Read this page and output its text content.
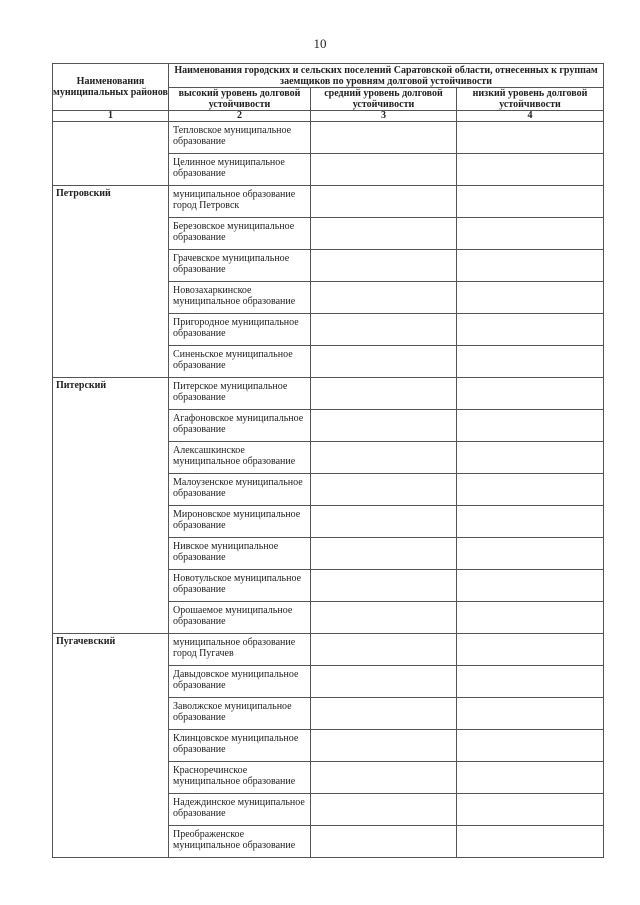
10
Наименования муниципальных районов	Наименования городских и сельских поселений Саратовской области, отнесенных к группам заемщиков по уровням долговой устойчивости		
	высокий уровень долговой устойчивости	средний уровень долговой устойчивости	низкий уровень долговой устойчивости
1	2	3	4
	Тепловское муниципальное образование		
	Целинное муниципальное образование		
Петровский	муниципальное образование город Петровск		
	Березовское муниципальное образование		
	Грачевское муниципальное образование		
	Новозахаркинское муниципальное образование		
	Пригородное муниципальное образование		
	Синеньское муниципальное образование		
Питерский	Питерское муниципальное образование		
	Агафоновское муниципальное образование		
	Алексашкинское муниципальное образование		
	Малоузенское муниципальное образование		
	Мироновское муниципальное образование		
	Нивское муниципальное образование		
	Новотульское муниципальное образование		
	Орошаемое муниципальное образование		
Пугачевский	муниципальное образование город Пугачев		
	Давыдовское муниципальное образование		
	Заволжское муниципальное образование		
	Клинцовское муниципальное образование		
	Красноречинское муниципальное образование		
	Надеждинское муниципальное образование		
	Преображенское муниципальное образование		
